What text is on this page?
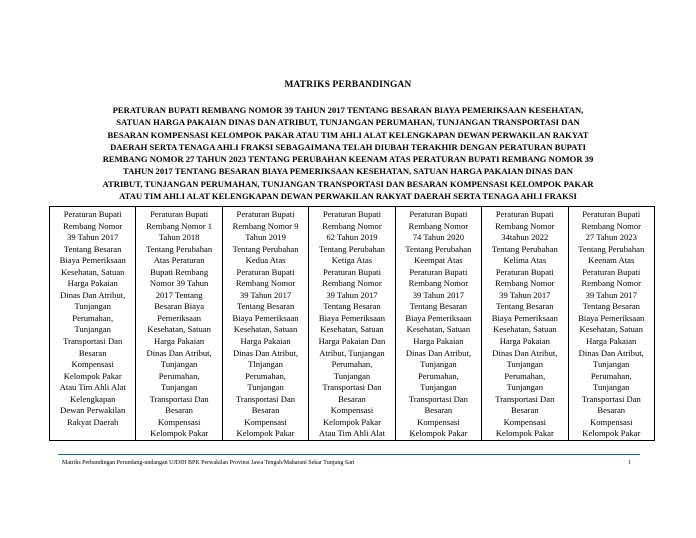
MATRIKS PERBANDINGAN
PERATURAN BUPATI REMBANG NOMOR 39 TAHUN 2017 TENTANG BESARAN BIAYA PEMERIKSAAN KESEHATAN,
SATUAN HARGA PAKAIAN DINAS DAN ATRIBUT, TUNJANGAN PERUMAHAN, TUNJANGAN TRANSPORTASI DAN
BESARAN KOMPENSASI KELOMPOK PAKAR ATAU TIM AHLI ALAT KELENGKAPAN DEWAN PERWAKILAN RAKYAT
DAERAH SERTA TENAGA AHLI FRAKSI SEBAGAIMANA TELAH DIUBAH TERAKHIR DENGAN PERATURAN BUPATI
REMBANG NOMOR 27 TAHUN 2023 TENTANG PERUBAHAN KEENAM ATAS PERATURAN BUPATI REMBANG NOMOR 39
TAHUN 2017 TENTANG BESARAN BIAYA PEMERIKSAAN KESEHATAN, SATUAN HARGA PAKAIAN DINAS DAN
ATRIBUT, TUNJANGAN PERUMAHAN, TUNJANGAN TRANSPORTASI DAN BESARAN KOMPENSASI KELOMPOK PAKAR
ATAU TIM AHLI ALAT KELENGKAPAN DEWAN PERWAKILAN RAKYAT DAERAH SERTA TENAGA AHLI FRAKSI
Peraturan Bupati
Rembang Nomor
39 Tahun 2017
Tentang Besaran
Biaya Pemeriksaan
Kesehatan, Satuan
Harga Pakaian
Dinas Dan Atribut,
Tunjangan
Perumahan,
Tunjangan
Transportasi Dan
Besaran
Kompensasi
Kelompok Pakar
Atau Tim Ahli Alat
Kelengkapan
Dewan Perwakilan
Rakyat Daerah

Peraturan Bupati
Rembang Nomor 1
Tahun 2018
Tentang Perubahan
Atas Peraturan
Bupati Rembang
Nomor 39 Tahun
2017 Tentang
Besaran Biaya
Pemeriksaan
Kesehatan, Satuan
Harga Pakaian
Dinas Dan Atribut,
Tunjangan
Perumahan,
Tunjangan
Transportasi Dan
Besaran
Kompensasi
Kelompok Pakar

Peraturan Bupati
Rembang Nomor 9
Tahun 2019
Tentang Perubahan
Kedua Atas
Peraturan Bupati
Rembang Nomor
39 Tahun 2017
Tentang Besaran
Biaya Pemeriksaan
Kesehatan, Satuan
Harga Pakaian
Dinas Dan Atribut,
Tlnjangan
Perumahan,
Tunjangan
Transportasi Dan
Besaran
Kompensasi
Kelompok Pakar

Peraturan Bupati
Rembang Nomor
62 Tahun 2019
Tentang Perubahan
Ketiga Atas
Peraturan Bupati
Rembang Nomor
39 Tahun 2017
Tentang Besaran
Biaya Pemeriksaan
Kesehatan, Satuan
Harga Pakaian Dan
Atribut, Tunjangan
Perumahan,
Tunjangan
Transportasi Dan
Besaran
Kompensasi
Kelompok Pakar
Atau Tim Ahli Alat

Peraturan Bupati
Rembang Nomor
74 Tahun 2020
Tentang Perubahan
Keempat Atas
Peraturan Bupati
Rembang Nomor
39 Tahun 2017
Tentang Besaran
Biaya Pemeriksaan
Kesehatan, Satuan
Harga Pakaian
Dinas Dan Atribut,
Tunjangan
Perumahan,
Tunjangan
Transportasi Dan
Besaran
Kompensasi
Kelompok Pakar

Peraturan Bupati
Rembang Nomor
34tahun 2022
Tentang Perubahan
Kelima Atas
Peraturan Bupati
Rembang Nomor
39 Tahun 2017
Tentang Besaran
Biaya Pemeriksaan
Kesehatan, Satuan
Harga Pakaian
Dinas Dan Atribut,
Tunjangan
Perumahan,
Tunjangan
Transportasi Dan
Besaran
Kompensasi
Kelompok Pakar

Peraturan Bupati
Rembang Nomor
27 Tahun 2023
Tentang Perubahan
Keenam Atas
Peraturan Bupati
Rembang Nomor
39 Tahun 2017
Tentang Besaran
Biaya Pemeriksaan
Kesehatan, Satuan
Harga Pakaian
Dinas Dan Atribut,
Tunjangan
Perumahan,
Tunjangan
Transportasi Dan
Besaran
Kompensasi
Kelompok Pakar
Matriks Perbandingan Perundang-undangan UJDIH BPK Perwakilan Provinsi Jawa Tengah/Maharani Sekar Tunjung Sari	1
